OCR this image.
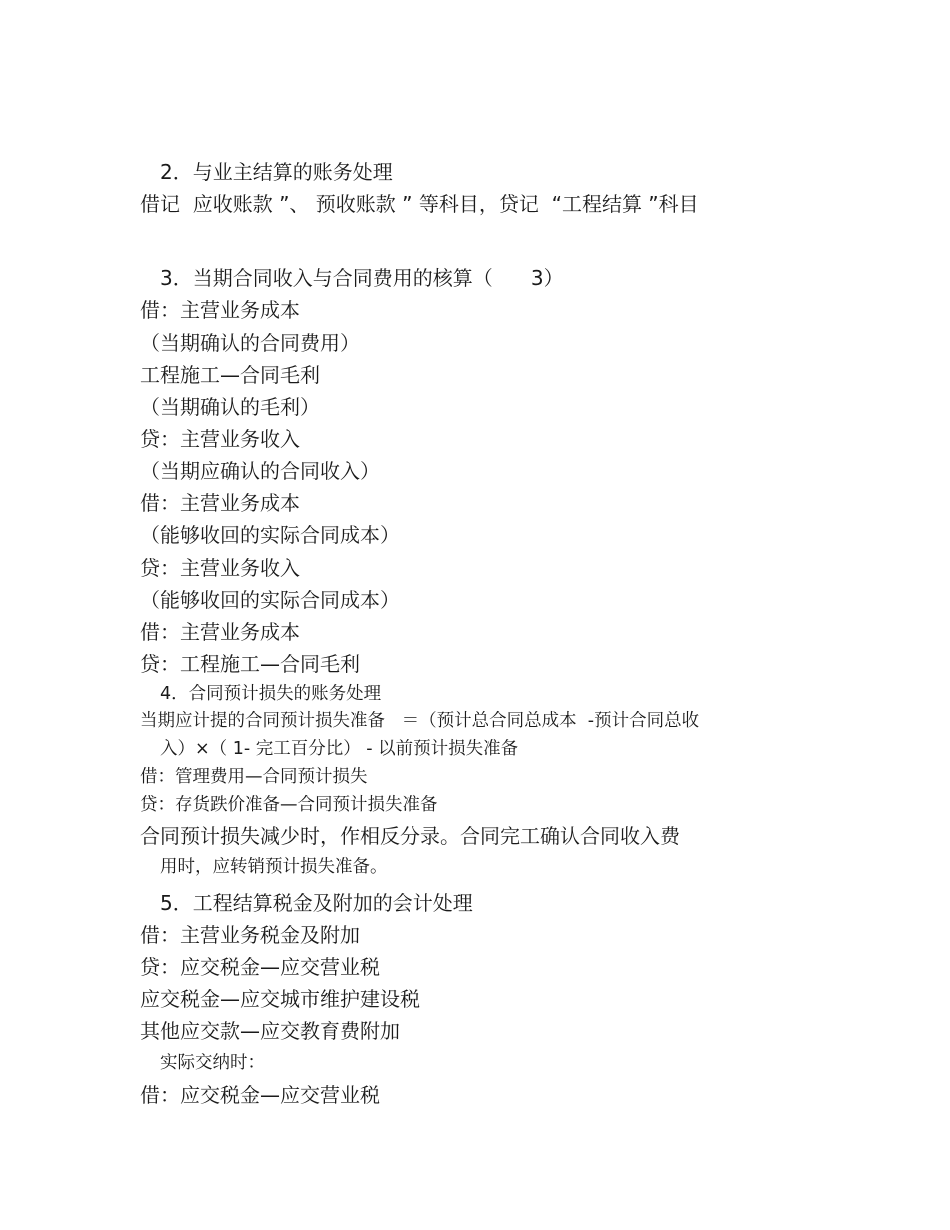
2．与业主结算的账务处理
借记  应收账款 ”、 预收账款 ” 等科目，贷记  “工程结算 ”科目
3．当期合同收入与合同费用的核算（      3）
借：主营业务成本
（当期确认的合同费用）
工程施工—合同毛利
（当期确认的毛利）
贷：主营业务收入
（当期应确认的合同收入）
借：主营业务成本
（能够收回的实际合同成本）
贷：主营业务收入
（能够收回的实际合同成本）
借：主营业务成本
贷：工程施工—合同毛利
4．合同预计损失的账务处理
当期应计提的合同预计损失准备   ＝（预计总合同总成本  -预计合同总收
入）×（ 1- 完工百分比） - 以前预计损失准备
借：管理费用—合同预计损失
贷：存货跌价准备—合同预计损失准备
合同预计损失减少时，作相反分录。合同完工确认合同收入费
用时，应转销预计损失准备。
5．工程结算税金及附加的会计处理
借：主营业务税金及附加
贷：应交税金—应交营业税
应交税金—应交城市维护建设税
其他应交款—应交教育费附加
实际交纳时：
借：应交税金—应交营业税
